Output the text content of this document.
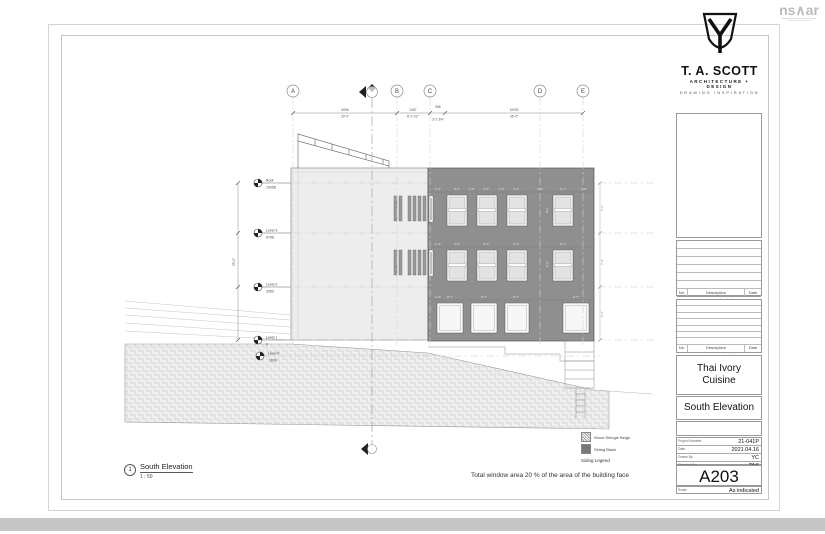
ns∧ar
A	B	C	D	E
6096
20'-0"
2457
8'-0 1/2"
986
3'-2 3/4"
10903
35'-9"
33'-0"
Roof
10058
Level 3
6706
Level 2
3353
Level 1
0
Level 0
-1000
1'-2"	3'-7"	1'-0"	3'-7"	1'-0"	3'-7"	2'-5"	3'-7"	1'-2"
1'-2"	3'-7"	3'-7"	3'-7"	3'-7"
1'-2" 3'-7"	3'-7"	3'-7"	3'-7"
9'-2"
9'-2"
7'-2"
7'-2"
6'-1"
1	South Elevation
1 : 50	Total window area 20 % of the area of the building face
Wood Shingle Beige
Siding Black
Siding Legend
T. A. SCOTT
ARCHITECTURE + DESIGN
DRAWING INSPIRATION
No.	Description	Date
No.	Description	Date
Thai Ivory
Cuisine
South Elevation
Project Number	21-041P
Date	2021.04.16
Drawn By	YC
A203
Scale	As indicated
